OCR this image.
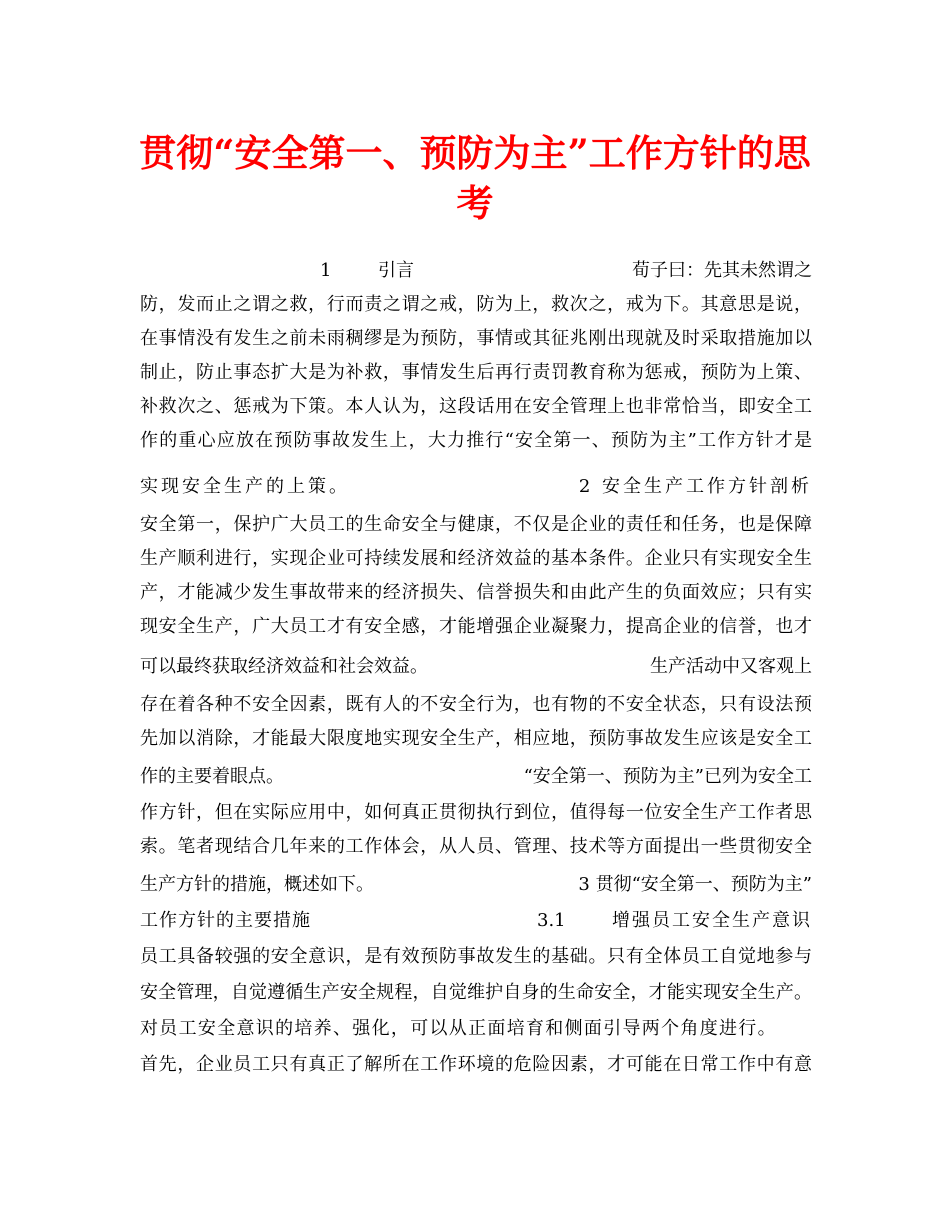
贯彻“安全第一、预防为主”工作方针的思
考
1	引言	荀子曰：先其未然谓之
防，发而止之谓之救，行而责之谓之戒，防为上，救次之，戒为下。其意思是说，
在事情没有发生之前未雨稠缪是为预防，事情或其征兆刚出现就及时采取措施加以
制止，防止事态扩大是为补救，事情发生后再行责罚教育称为惩戒，预防为上策、
补救次之、惩戒为下策。本人认为，这段话用在安全管理上也非常恰当，即安全工
作的重心应放在预防事故发生上，大力推行“安全第一、预防为主”工作方针才是
实现安全生产的上策。	2 安全生产工作方针剖析
安全第一，保护广大员工的生命安全与健康，不仅是企业的责任和任务，也是保障
生产顺利进行，实现企业可持续发展和经济效益的基本条件。企业只有实现安全生
产，才能减少发生事故带来的经济损失、信誉损失和由此产生的负面效应；只有实
现安全生产，广大员工才有安全感，才能增强企业凝聚力，提高企业的信誉，也才
可以最终获取经济效益和社会效益。	生产活动中又客观上
存在着各种不安全因素，既有人的不安全行为，也有物的不安全状态，只有设法预
先加以消除，才能最大限度地实现安全生产，相应地，预防事故发生应该是安全工
作的主要着眼点。	“安全第一、预防为主”已列为安全工
作方针，但在实际应用中，如何真正贯彻执行到位，值得每一位安全生产工作者思
索。笔者现结合几年来的工作体会，从人员、管理、技术等方面提出一些贯彻安全
生产方针的措施，概述如下。	3 贯彻“安全第一、预防为主”
工作方针的主要措施	3.1	增强员工安全生产意识
员工具备较强的安全意识，是有效预防事故发生的基础。只有全体员工自觉地参与
安全管理，自觉遵循生产安全规程，自觉维护自身的生命安全，才能实现安全生产。
对员工安全意识的培养、强化，可以从正面培育和侧面引导两个角度进行。
首先，企业员工只有真正了解所在工作环境的危险因素，才可能在日常工作中有意
